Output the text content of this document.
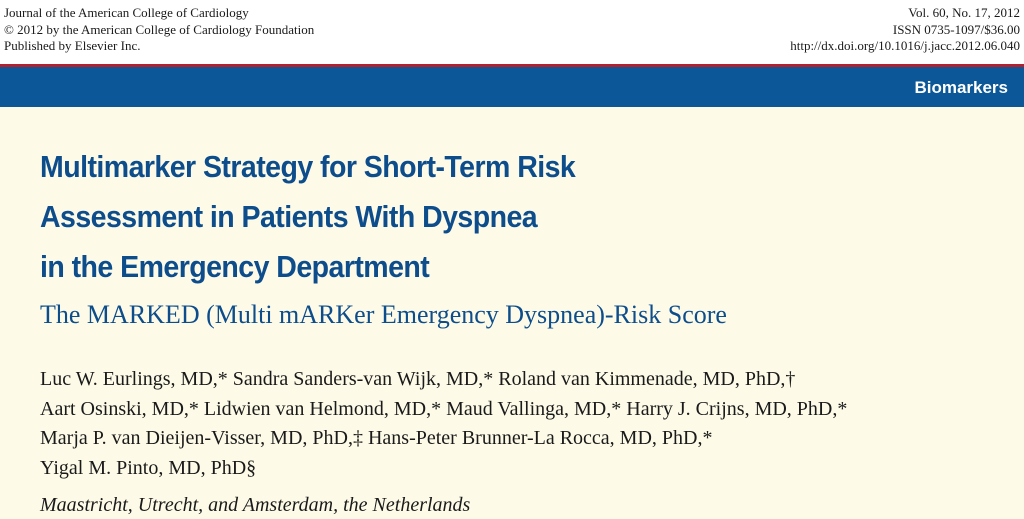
Journal of the American College of Cardiology
© 2012 by the American College of Cardiology Foundation
Published by Elsevier Inc.
Vol. 60, No. 17, 2012
ISSN 0735-1097/$36.00
http://dx.doi.org/10.1016/j.jacc.2012.06.040
Biomarkers
Multimarker Strategy for Short-Term Risk
Assessment in Patients With Dyspnea
in the Emergency Department
The MARKED (Multi mARKer Emergency Dyspnea)-Risk Score
Luc W. Eurlings, MD,* Sandra Sanders-van Wijk, MD,* Roland van Kimmenade, MD, PhD,†
Aart Osinski, MD,* Lidwien van Helmond, MD,* Maud Vallinga, MD,* Harry J. Crijns, MD, PhD,*
Marja P. van Dieijen-Visser, MD, PhD,‡ Hans-Peter Brunner-La Rocca, MD, PhD,*
Yigal M. Pinto, MD, PhD§
Maastricht, Utrecht, and Amsterdam, the Netherlands
